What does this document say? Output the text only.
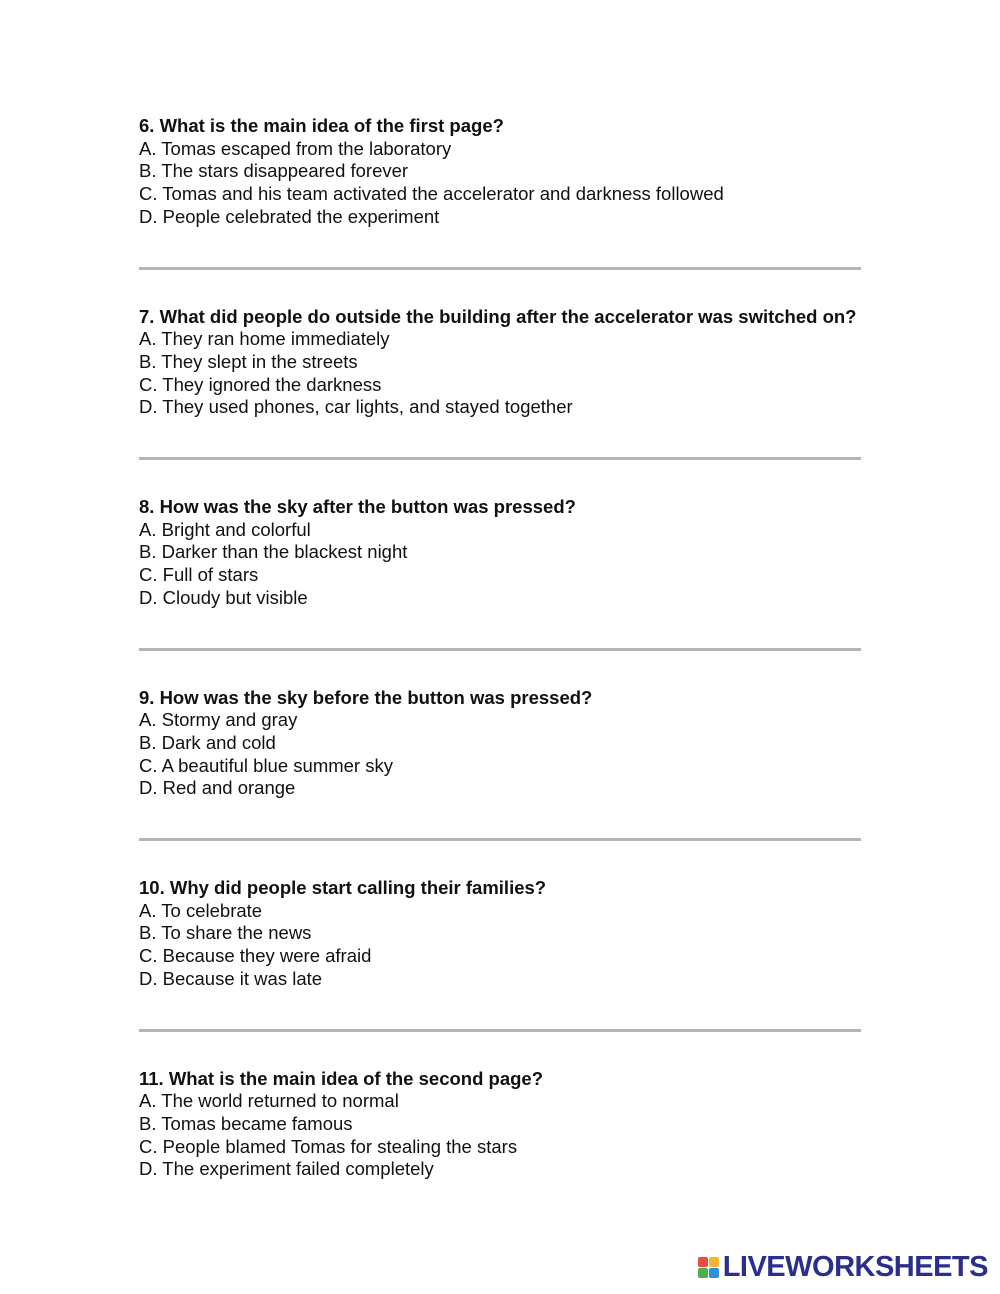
6. What is the main idea of the first page?

A. Tomas escaped from the laboratory
B. The stars disappeared forever
C. Tomas and his team activated the accelerator and darkness followed
D. People celebrated the experiment

7. What did people do outside the building after the accelerator was switched on?

A. They ran home immediately
B. They slept in the streets
C. They ignored the darkness
D. They used phones, car lights, and stayed together

8. How was the sky after the button was pressed?

A. Bright and colorful
B. Darker than the blackest night
C. Full of stars
D. Cloudy but visible

9. How was the sky before the button was pressed?

A. Stormy and gray
B. Dark and cold
C. A beautiful blue summer sky
D. Red and orange

10. Why did people start calling their families?

A. To celebrate
B. To share the news
C. Because they were afraid
D. Because it was late

11. What is the main idea of the second page?

A. The world returned to normal
B. Tomas became famous
C. People blamed Tomas for stealing the stars
D. The experiment failed completely
LIVEWORKSHEETS
